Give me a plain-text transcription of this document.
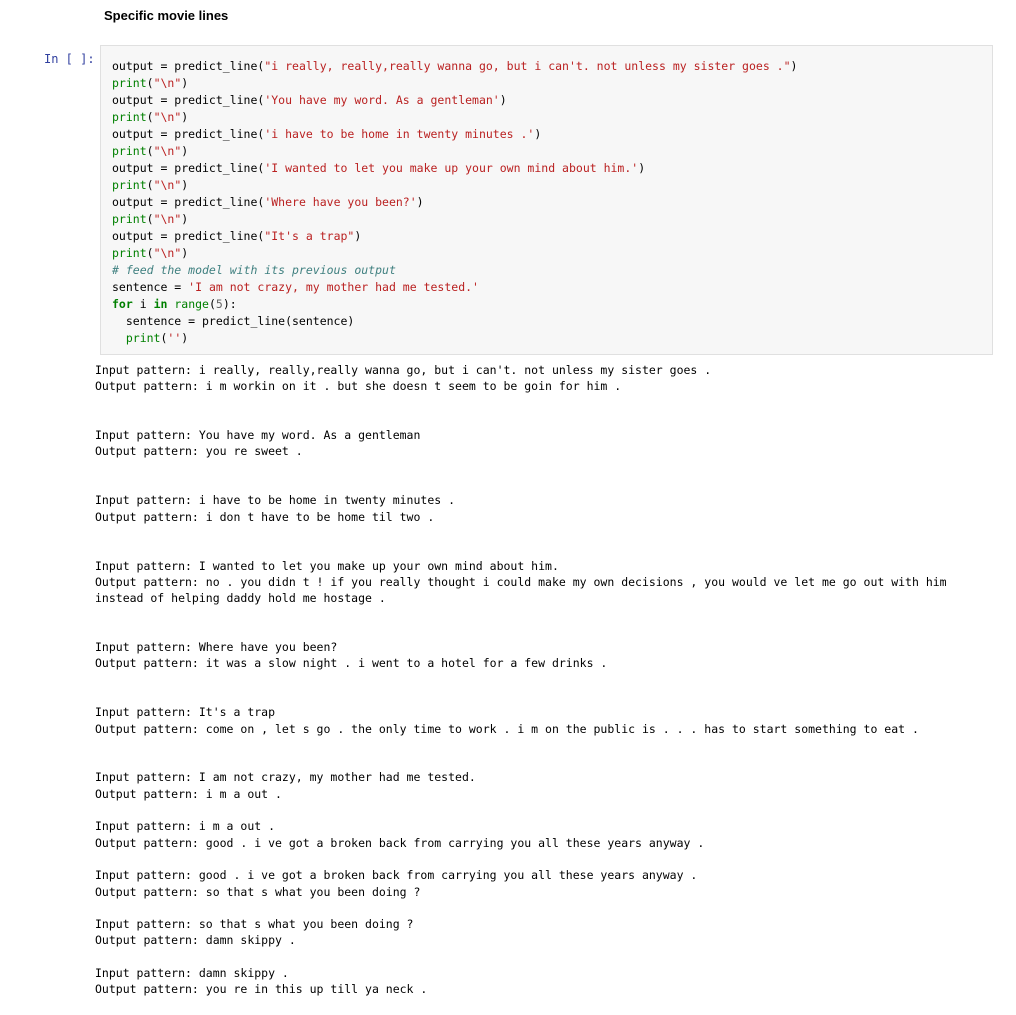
Specific movie lines
In [ ]: output = predict_line("i really, really,really wanna go, but i can't. not unless my sister goes .")
print("\n")
output = predict_line('You have my word. As a gentleman')
print("\n")
output = predict_line('i have to be home in twenty minutes .')
print("\n")
output = predict_line('I wanted to let you make up your own mind about him.')
print("\n")
output = predict_line('Where have you been?')
print("\n")
output = predict_line("It's a trap")
print("\n")
# feed the model with its previous output
sentence = 'I am not crazy, my mother had me tested.'
for i in range(5):
sentence = predict_line(sentence)
print('')
Input pattern: i really, really,really wanna go, but i can't. not unless my sister goes .
Output pattern: i m workin on it . but she doesn t seem to be goin for him .
Input pattern: You have my word. As a gentleman
Output pattern: you re sweet .
Input pattern: i have to be home in twenty minutes .
Output pattern: i don t have to be home til two .
Input pattern: I wanted to let you make up your own mind about him.
Output pattern: no . you didn t ! if you really thought i could make my own decisions , you would ve let me go out with him instead of helping daddy hold me hostage .
Input pattern: Where have you been?
Output pattern: it was a slow night . i went to a hotel for a few drinks .
Input pattern: It's a trap
Output pattern: come on , let s go . the only time to work . i m on the public is . . . has to start something to eat .
Input pattern: I am not crazy, my mother had me tested.
Output pattern: i m a out .
Input pattern: i m a out .
Output pattern: good . i ve got a broken back from carrying you all these years anyway .
Input pattern: good . i ve got a broken back from carrying you all these years anyway .
Output pattern: so that s what you been doing ?
Input pattern: so that s what you been doing ?
Output pattern: damn skippy .
Input pattern: damn skippy .
Output pattern: you re in this up till ya neck .
